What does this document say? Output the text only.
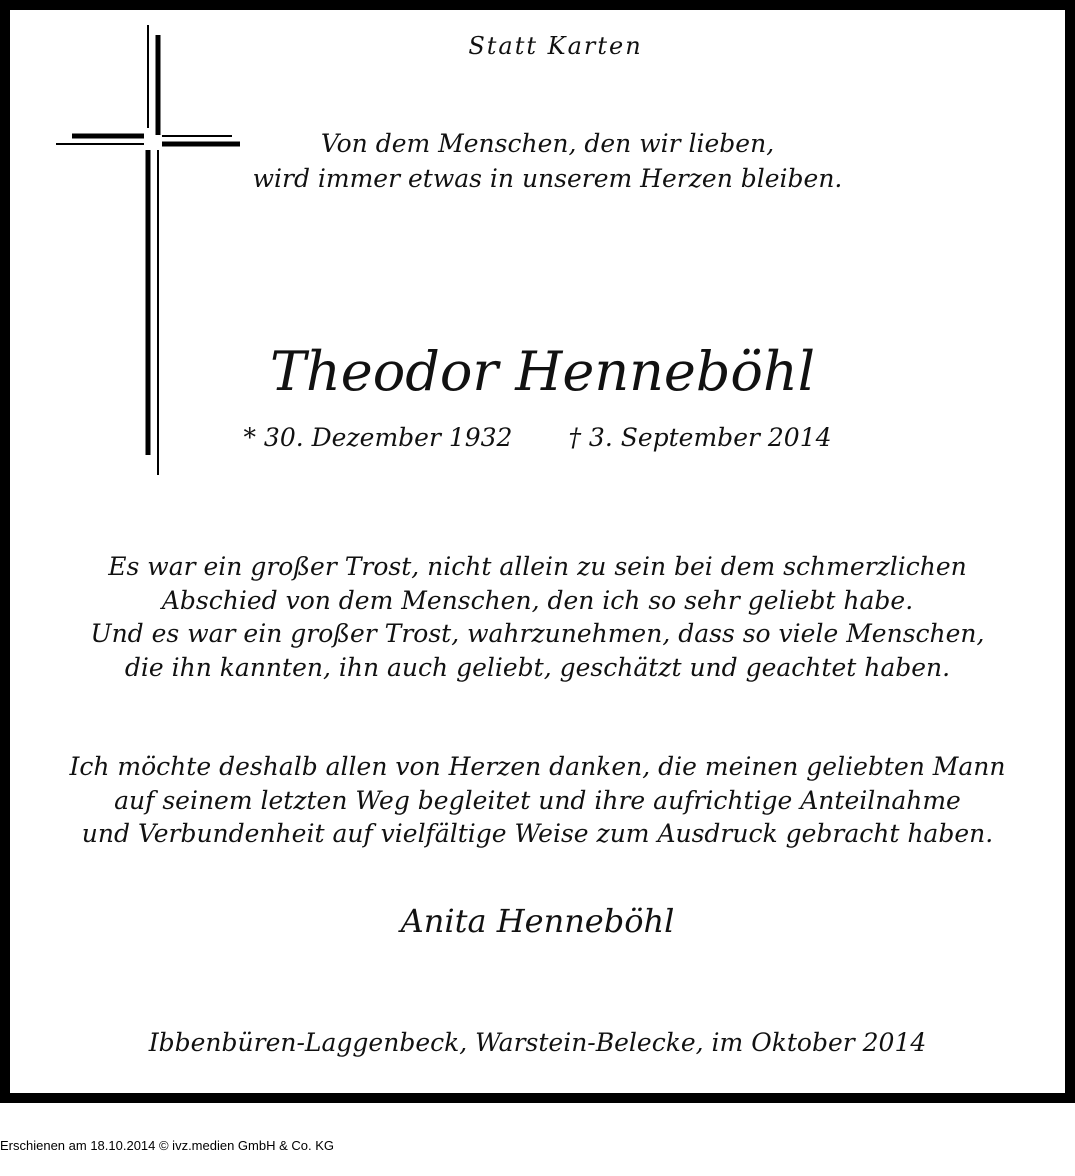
Statt Karten
Von dem Menschen, den wir lieben,
wird immer etwas in unserem Herzen bleiben.
Theodor Henneböhl
* 30. Dezember 1932 † 3. September 2014
Es war ein großer Trost, nicht allein zu sein bei dem schmerzlichen
Abschied von dem Menschen, den ich so sehr geliebt habe.
Und es war ein großer Trost, wahrzunehmen, dass so viele Menschen,
die ihn kannten, ihn auch geliebt, geschätzt und geachtet haben.
Ich möchte deshalb allen von Herzen danken, die meinen geliebten Mann
auf seinem letzten Weg begleitet und ihre aufrichtige Anteilnahme
und Verbundenheit auf vielfältige Weise zum Ausdruck gebracht haben.
Anita Henneböhl
Ibbenbüren-Laggenbeck, Warstein-Belecke, im Oktober 2014
Erschienen am 18.10.2014 © ivz.medien GmbH & Co. KG
